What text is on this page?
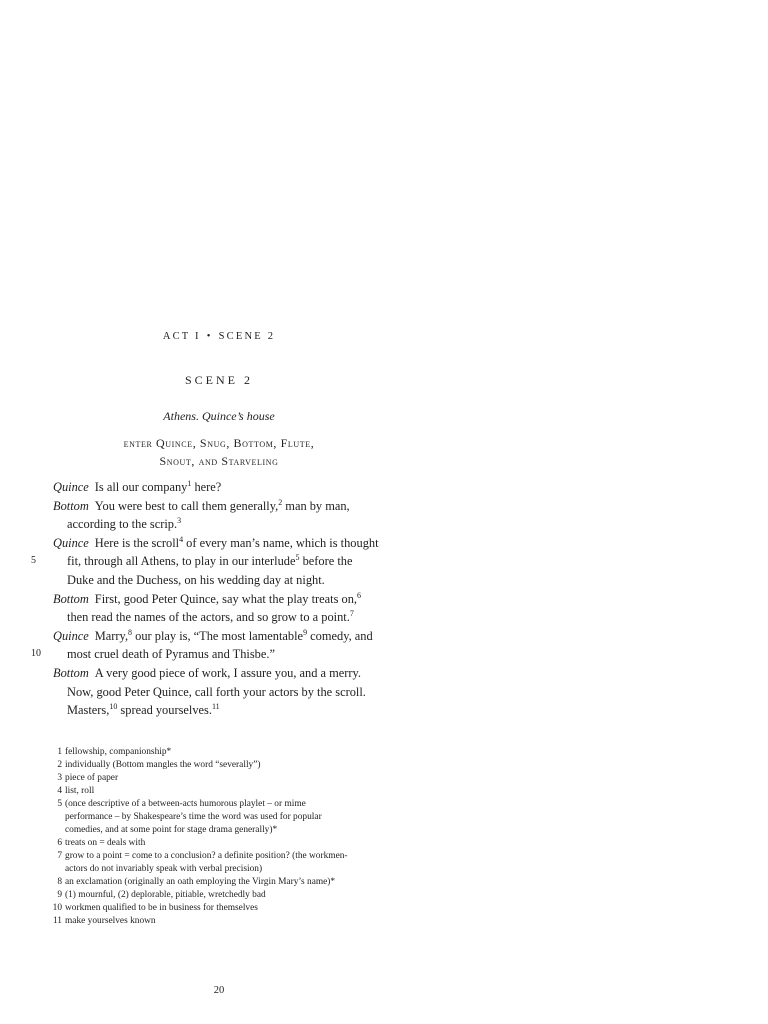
ACT I • SCENE 2
SCENE 2
Athens. Quince’s house
enter Quince, Snug, Bottom, Flute,
Snout, and Starveling
Quince Is all our company$^1$ here?
Bottom You were best to call them generally,$^2$ man by man,
according to the scrip.$^3$
Quince Here is the scroll$^4$ of every man’s name, which is thought
5	fit, through all Athens, to play in our interlude$^5$ before the
Duke and the Duchess, on his wedding day at night.
Bottom First, good Peter Quince, say what the play treats on,$^6$
then read the names of the actors, and so grow to a point.$^7$
Quince Marry,$^8$ our play is, “The most lamentable$^9$ comedy, and
10	most cruel death of Pyramus and Thisbe.”
Bottom A very good piece of work, I assure you, and a merry.
Now, good Peter Quince, call forth your actors by the scroll.
Masters,$^{10}$ spread yourselves.$^{11}$
1 fellowship, companionship*
2 individually (Bottom mangles the word “severally”)
3 piece of paper
4 list, roll
5 (once descriptive of a between-acts humorous playlet – or mime
performance – by Shakespeare’s time the word was used for popular
comedies, and at some point for stage drama generally)*
6 treats on = deals with
7 grow to a point = come to a conclusion? a definite position? (the workmen-
actors do not invariably speak with verbal precision)
8 an exclamation (originally an oath employing the Virgin Mary’s name)*
9 (1) mournful, (2) deplorable, pitiable, wretchedly bad
10 workmen qualified to be in business for themselves
11 make yourselves known
20
